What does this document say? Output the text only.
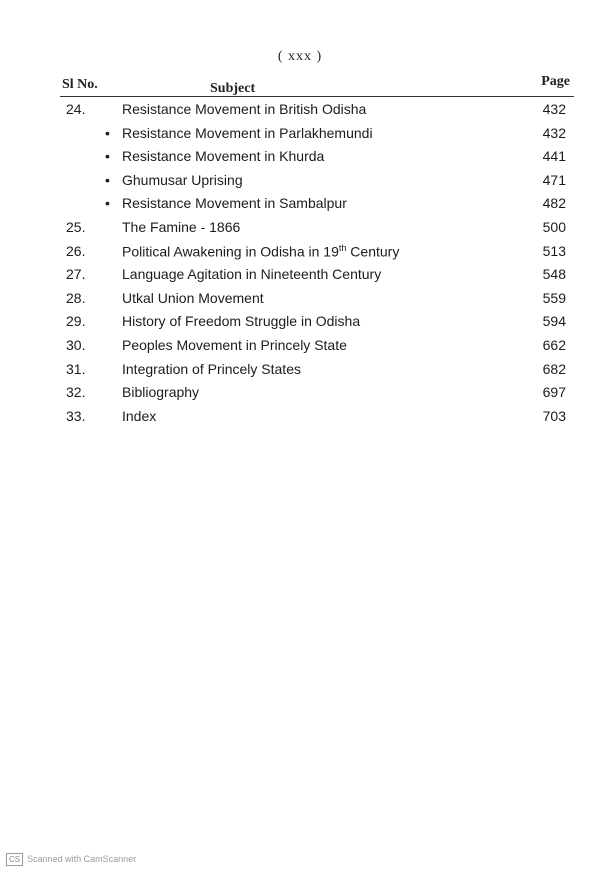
( xxx )
Sl No.	Subject	Page
24.	Resistance Movement in British Odisha	432
• Resistance Movement in Parlakhemundi	432
• Resistance Movement in Khurda	441
• Ghumusar Uprising	471
• Resistance Movement in Sambalpur	482
25.	The Famine - 1866	500
26.	Political Awakening in Odisha in 19th Century	513
27.	Language Agitation in Nineteenth Century	548
28.	Utkal Union Movement	559
29.	History of Freedom Struggle in Odisha	594
30.	Peoples Movement in Princely State	662
31.	Integration of Princely States	682
32.	Bibliography	697
33.	Index	703
CS Scanned with CamScanner
